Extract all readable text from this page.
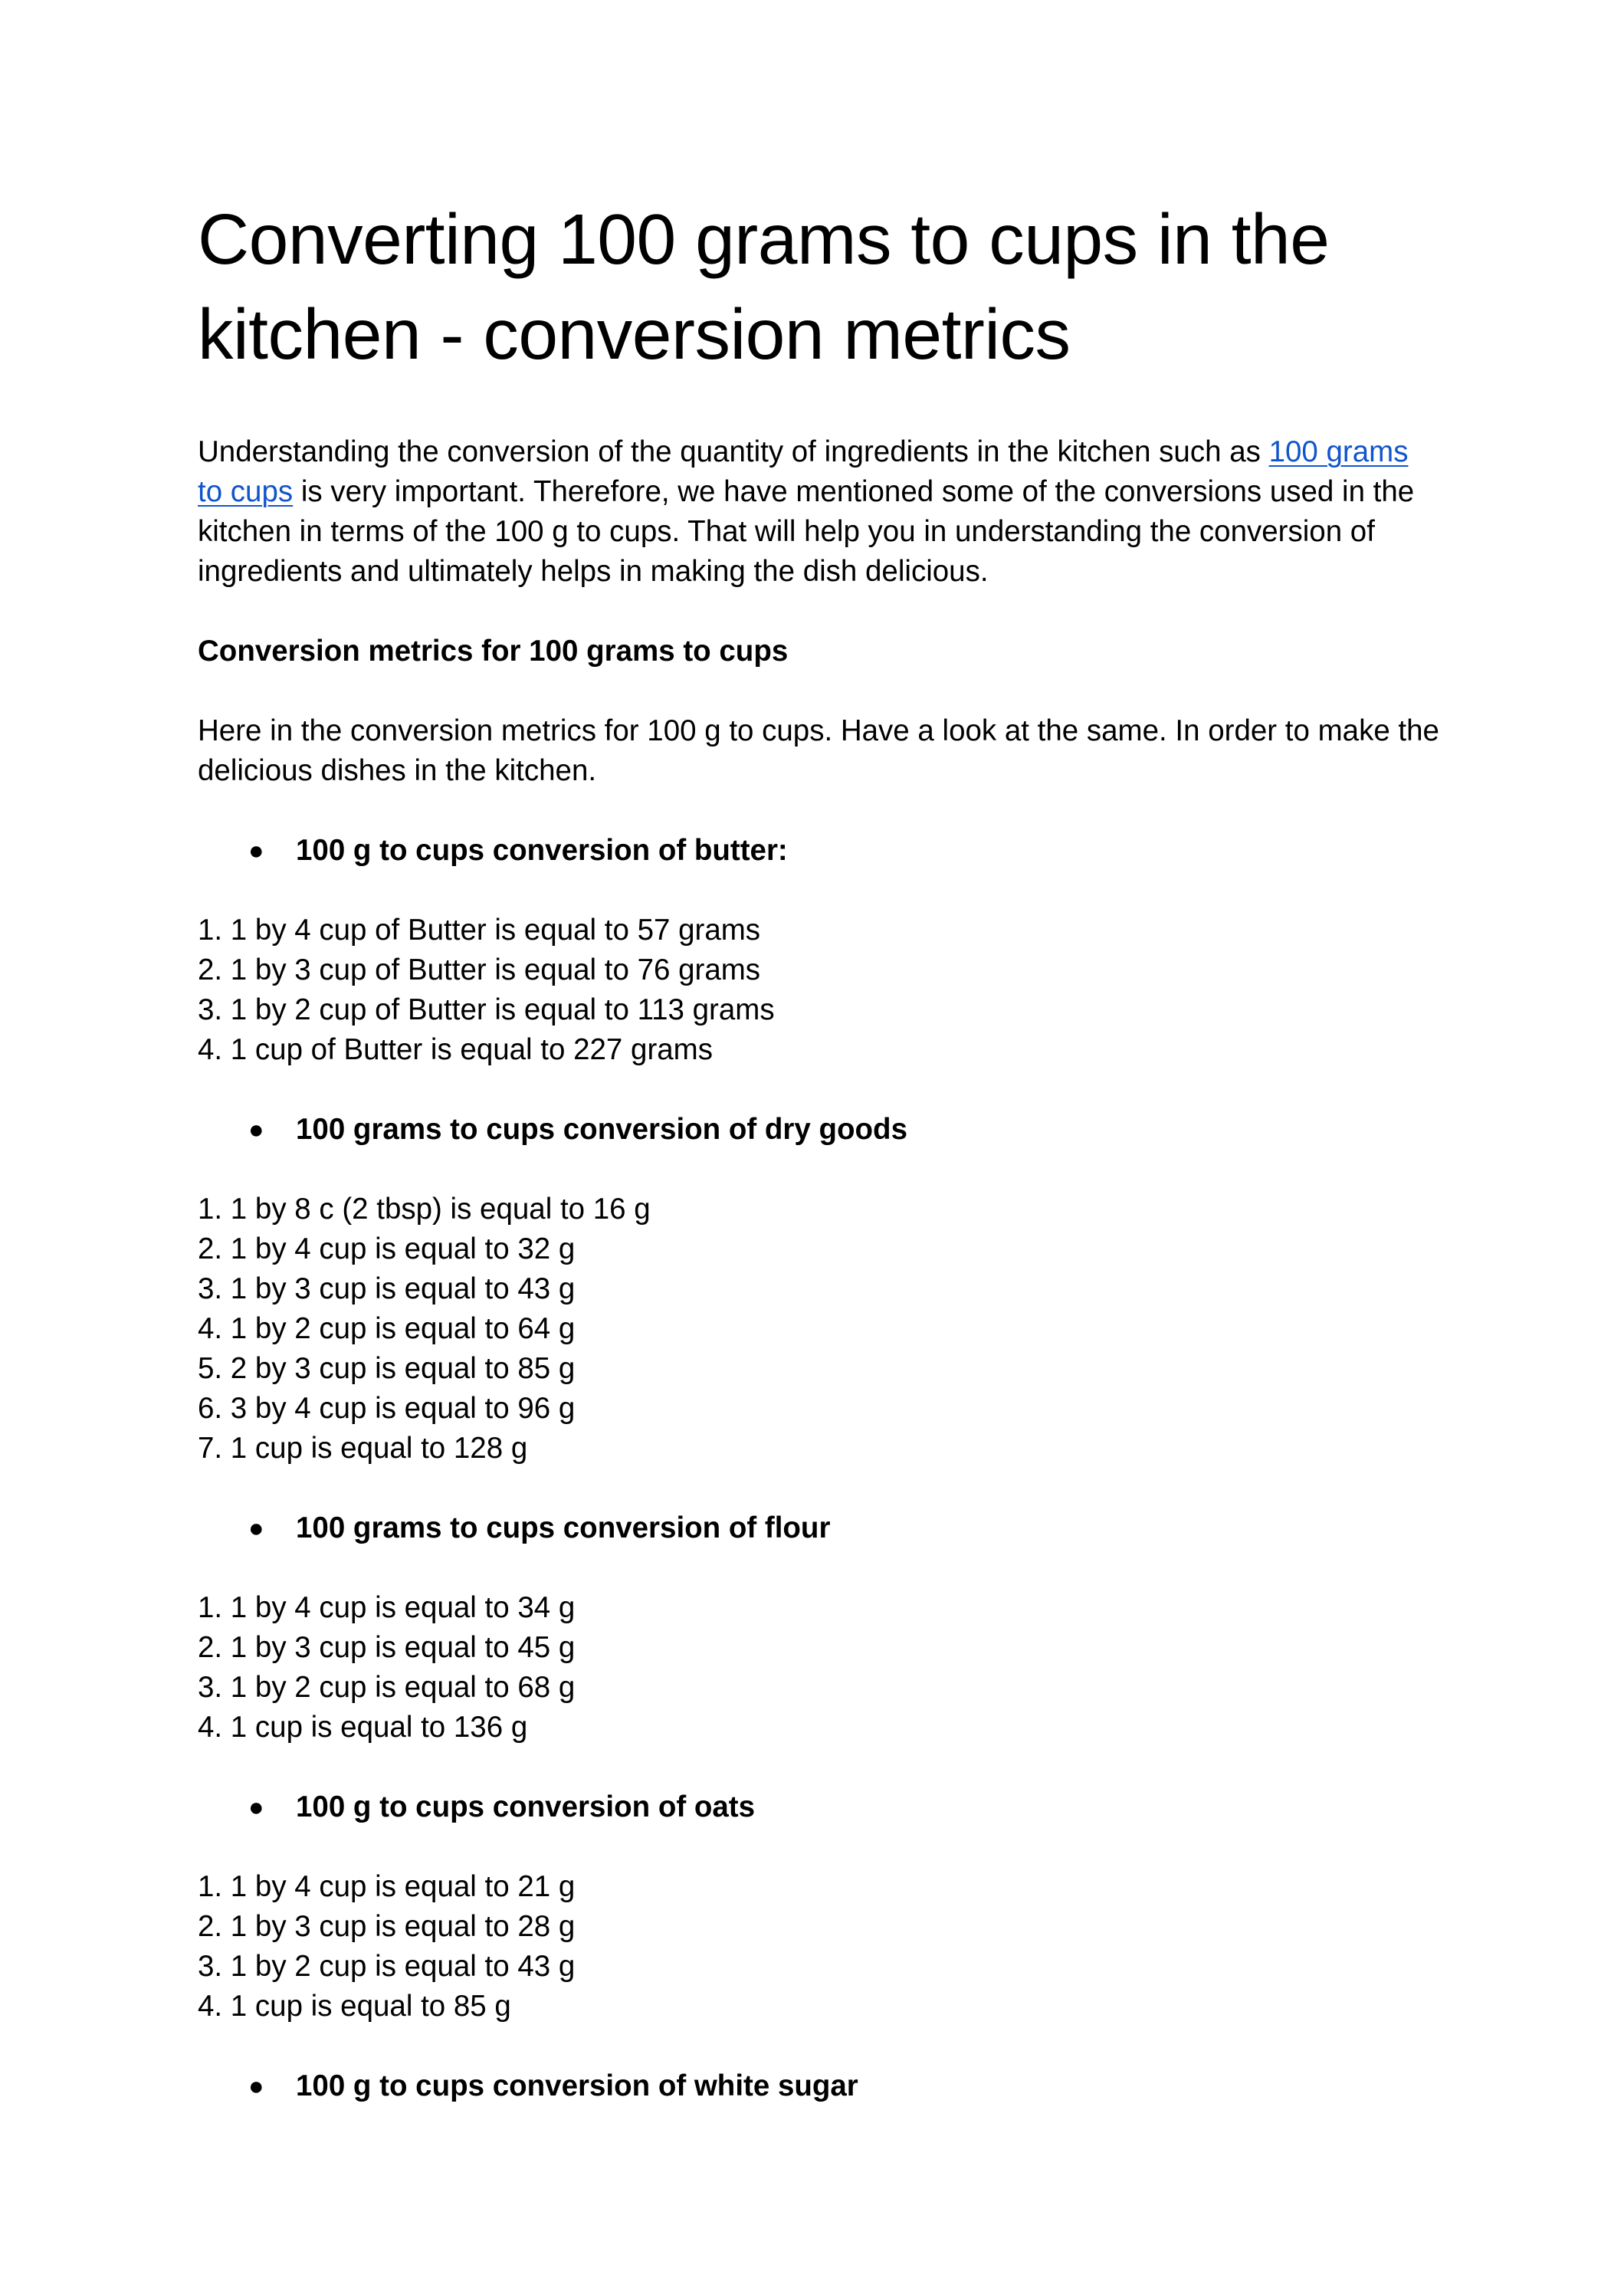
Converting 100 grams to cups in the kitchen - conversion metrics

Understanding the conversion of the quantity of ingredients in the kitchen such as 100 grams to cups is very important. Therefore, we have mentioned some of the conversions used in the kitchen in terms of the 100 g to cups. That will help you in understanding the conversion of ingredients and ultimately helps in making the dish delicious.

Conversion metrics for 100 grams to cups

Here in the conversion metrics for 100 g to cups. Have a look at the same. In order to make the delicious dishes in the kitchen.

● 100 g to cups conversion of butter:
1. 1 by 4 cup of Butter is equal to 57 grams
2. 1 by 3 cup of Butter is equal to 76 grams
3. 1 by 2 cup of Butter is equal to 113 grams
4. 1 cup of Butter is equal to 227 grams
● 100 grams to cups conversion of dry goods
1. 1 by 8 c (2 tbsp) is equal to 16 g
2. 1 by 4 cup is equal to 32 g
3. 1 by 3 cup is equal to 43 g
4. 1 by 2 cup is equal to 64 g
5. 2 by 3 cup is equal to 85 g
6. 3 by 4 cup is equal to 96 g
7. 1 cup is equal to 128 g
● 100 grams to cups conversion of flour
1. 1 by 4 cup is equal to 34 g
2. 1 by 3 cup is equal to 45 g
3. 1 by 2 cup is equal to 68 g
4. 1 cup is equal to 136 g
● 100 g to cups conversion of oats
1. 1 by 4 cup is equal to 21 g
2. 1 by 3 cup is equal to 28 g
3. 1 by 2 cup is equal to 43 g
4. 1 cup is equal to 85 g
● 100 g to cups conversion of white sugar
